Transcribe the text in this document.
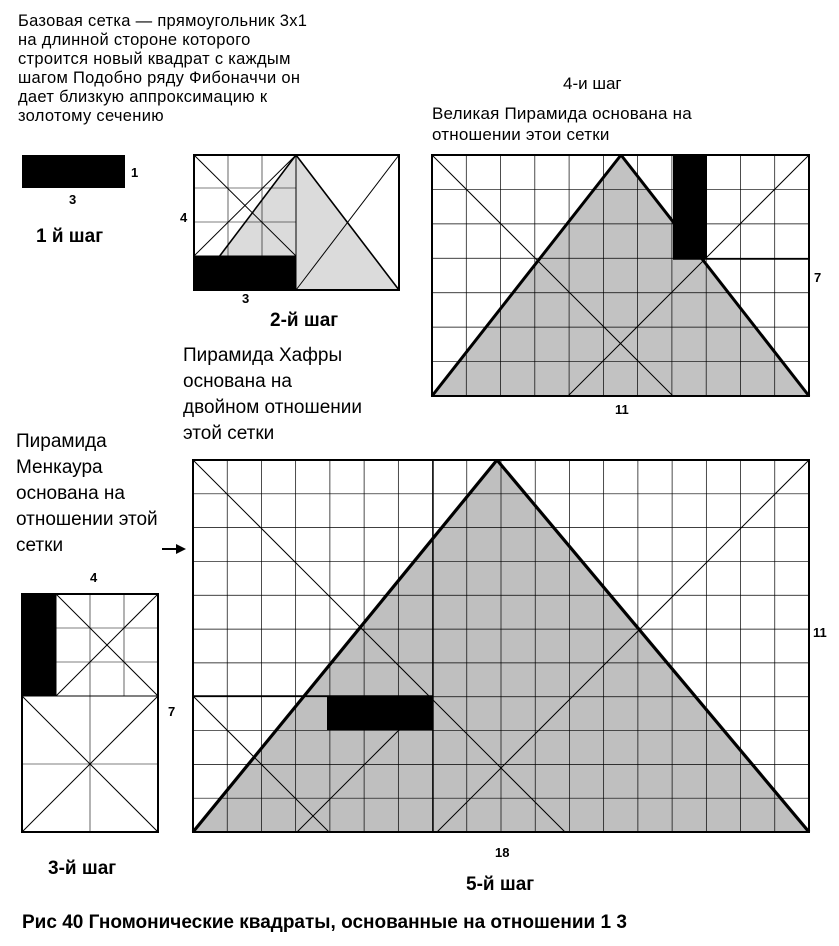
Базовая сетка — прямоугольник 3х1
на длинной стороне которого
строится новый квадрат с каждым
шагом Подобно ряду Фибоначчи он
дает близкую аппроксимацию к
золотому сечению

4-и шаг

Великая Пирамида основана на
отношении этои сетки

Пирамида Хафры
основана на
двойном отношении
этой сетки

Пирамида
Менкаура
основана на
отношении этой
сетки

1 й шаг

2-й шаг

3-й шаг

5-й шаг

3

1

3

4

11

7

4

7

18

11

Рис 40 Гномонические квадраты, основанные на отношении 1 3
